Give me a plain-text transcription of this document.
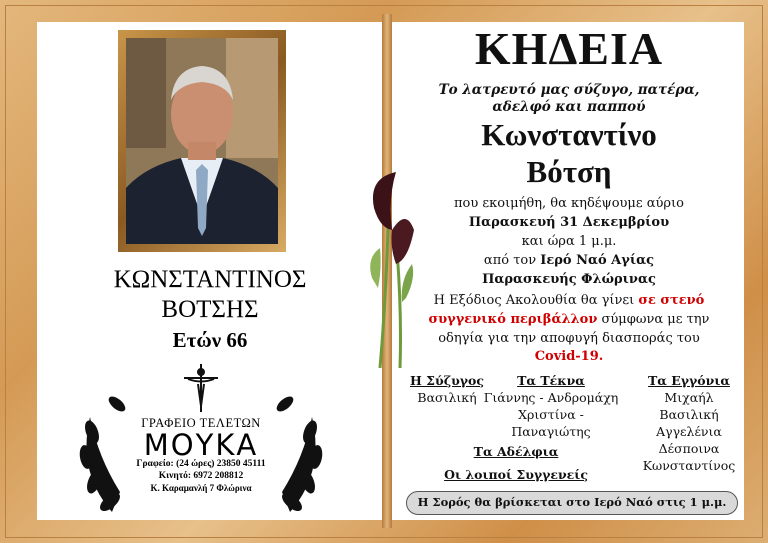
ΚΩΝΣΤΑΝΤΙΝΟΣ
ΒΟΤΣΗΣ
Ετών 66
ΓΡΑΦΕΙΟ ΤΕΛΕΤΩΝ
ΜΟΥΚΑ
Γραφείο: (24 ώρες) 23850 45111
Κινητό: 6972 208812
Κ. Καραμανλή 7 Φλώρινα
ΚΗΔΕΙΑ
Το λατρευτό μας σύζυγο, πατέρα,
αδελφό και παππού
Κωνσταντίνο
Βότση
που εκοιμήθη, θα κηδέψουμε αύριο
Παρασκευή 31 Δεκεμβρίου
και ώρα 1 μ.μ.
από τον Ιερό Ναό Αγίας
Παρασκευής Φλώρινας
Η Εξόδιος Ακολουθία θα γίνει σε στενό
συγγενικό περιβάλλον σύμφωνα με την
οδηγία για την αποφυγή διασποράς του
Covid-19.
Η Σύζυγος
Βασιλική
Τα Τέκνα
Γιάννης - Ανδρομάχη
Χριστίνα - Παναγιώτης
Τα Εγγόνια
Μιχαήλ
Βασιλική
Αγγελένια
Δέσποινα
Κωνσταντίνος
Τα Αδέλφια
Οι λοιποί Συγγενείς
Η Σορός θα βρίσκεται στο Ιερό Ναό στις 1 μ.μ.
